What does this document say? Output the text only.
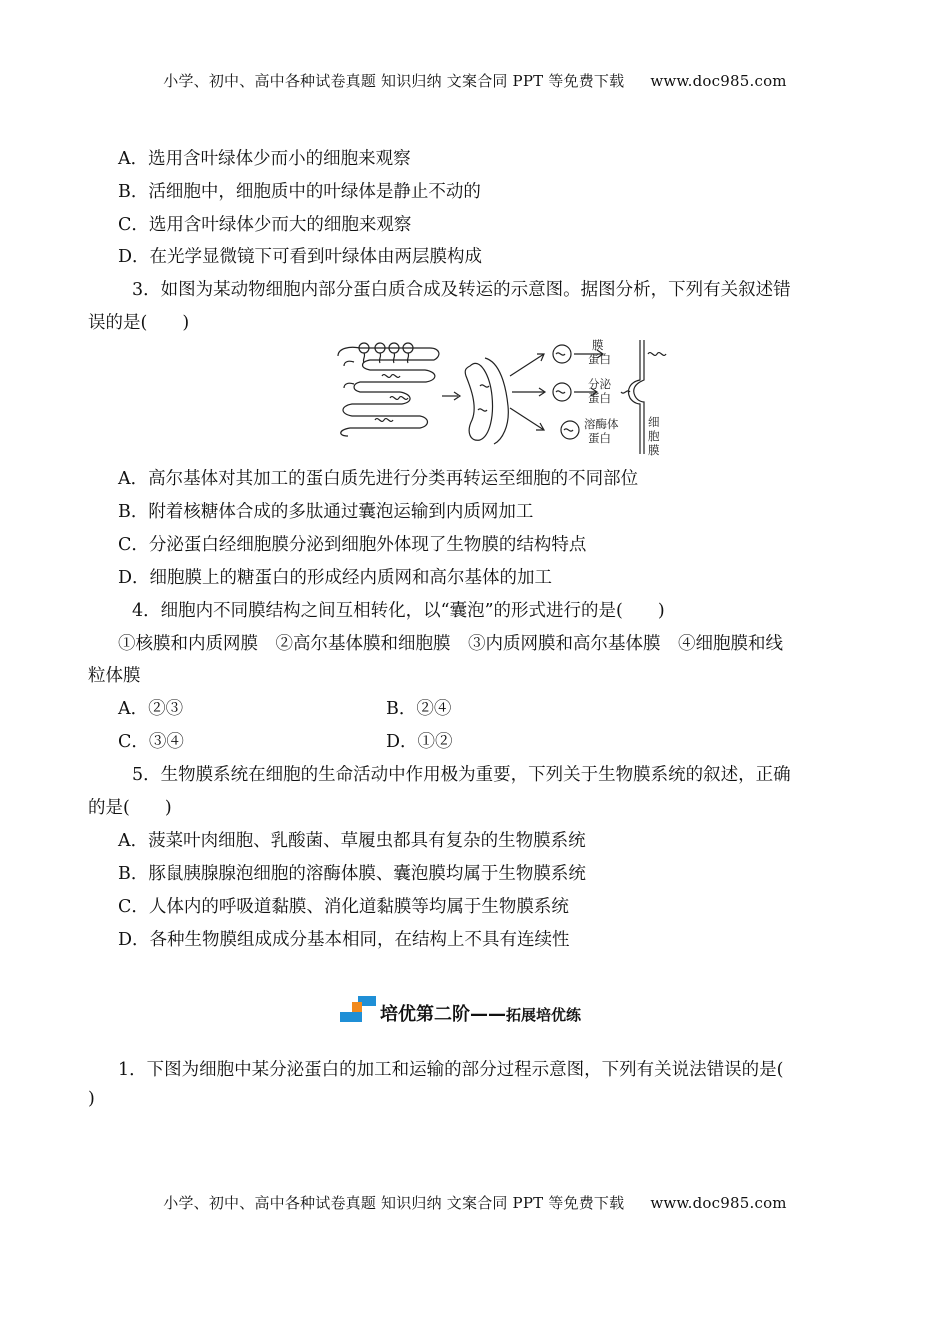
小学、初中、高中各种试卷真题 知识归纳 文案合同 PPT 等免费下载 www.doc985.com
A．选用含叶绿体少而小的细胞来观察
B．活细胞中，细胞质中的叶绿体是静止不动的
C．选用含叶绿体少而大的细胞来观察
D．在光学显微镜下可看到叶绿体由两层膜构成
3．如图为某动物细胞内部分蛋白质合成及转运的示意图。据图分析，下列有关叙述错
误的是(　　)
膜
蛋白
分泌
蛋白
溶酶体
蛋白
细
胞
膜
A．高尔基体对其加工的蛋白质先进行分类再转运至细胞的不同部位
B．附着核糖体合成的多肽通过囊泡运输到内质网加工
C．分泌蛋白经细胞膜分泌到细胞外体现了生物膜的结构特点
D．细胞膜上的糖蛋白的形成经内质网和高尔基体的加工
4．细胞内不同膜结构之间互相转化，以“囊泡”的形式进行的是(　　)
①核膜和内质网膜　②高尔基体膜和细胞膜　③内质网膜和高尔基体膜　④细胞膜和线
粒体膜
A．②③	B．②④
C．③④	D．①②
5．生物膜系统在细胞的生命活动中作用极为重要，下列关于生物膜系统的叙述，正确
的是(　　)
A．菠菜叶肉细胞、乳酸菌、草履虫都具有复杂的生物膜系统
B．豚鼠胰腺腺泡细胞的溶酶体膜、囊泡膜均属于生物膜系统
C．人体内的呼吸道黏膜、消化道黏膜等均属于生物膜系统
D．各种生物膜组成成分基本相同，在结构上不具有连续性
培优第二阶——拓展培优练
1．下图为细胞中某分泌蛋白的加工和运输的部分过程示意图，下列有关说法错误的是(
)
小学、初中、高中各种试卷真题 知识归纳 文案合同 PPT 等免费下载 www.doc985.com
